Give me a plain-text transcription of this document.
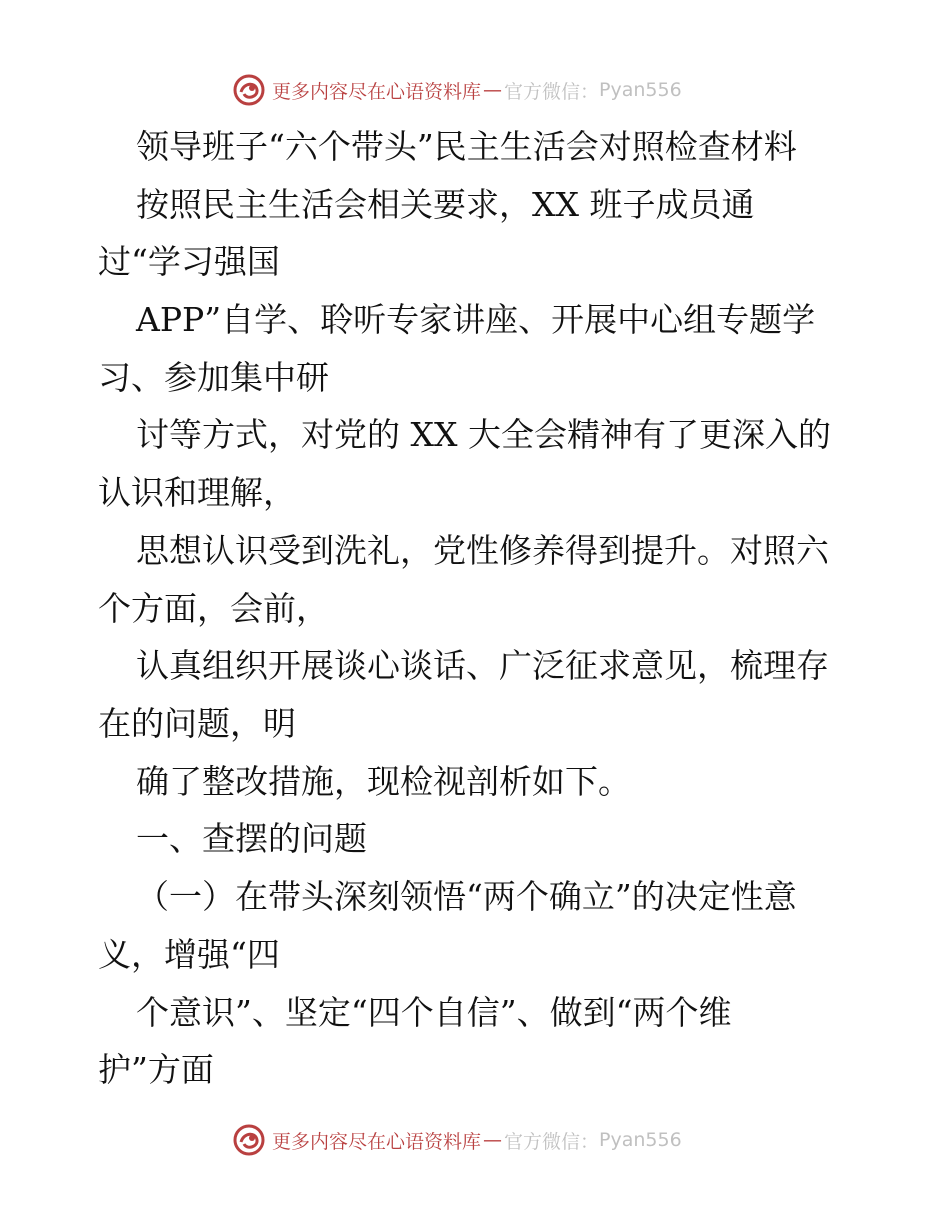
更多内容尽在心语资料库 — 官方微信： Pyan556
领导班子“六个带头”民主生活会对照检查材料
按照民主生活会相关要求，XX 班子成员通
过“学习强国
APP”自学、聆听专家讲座、开展中心组专题学
习、参加集中研
讨等方式，对党的 XX 大全会精神有了更深入的
认识和理解，
思想认识受到洗礼，党性修养得到提升。对照六
个方面，会前，
认真组织开展谈心谈话、广泛征求意见，梳理存
在的问题，明
确了整改措施，现检视剖析如下。
一、查摆的问题
（一）在带头深刻领悟“两个确立”的决定性意
义，增强“四
个意识”、坚定“四个自信”、做到“两个维
护”方面
更多内容尽在心语资料库 — 官方微信： Pyan556
